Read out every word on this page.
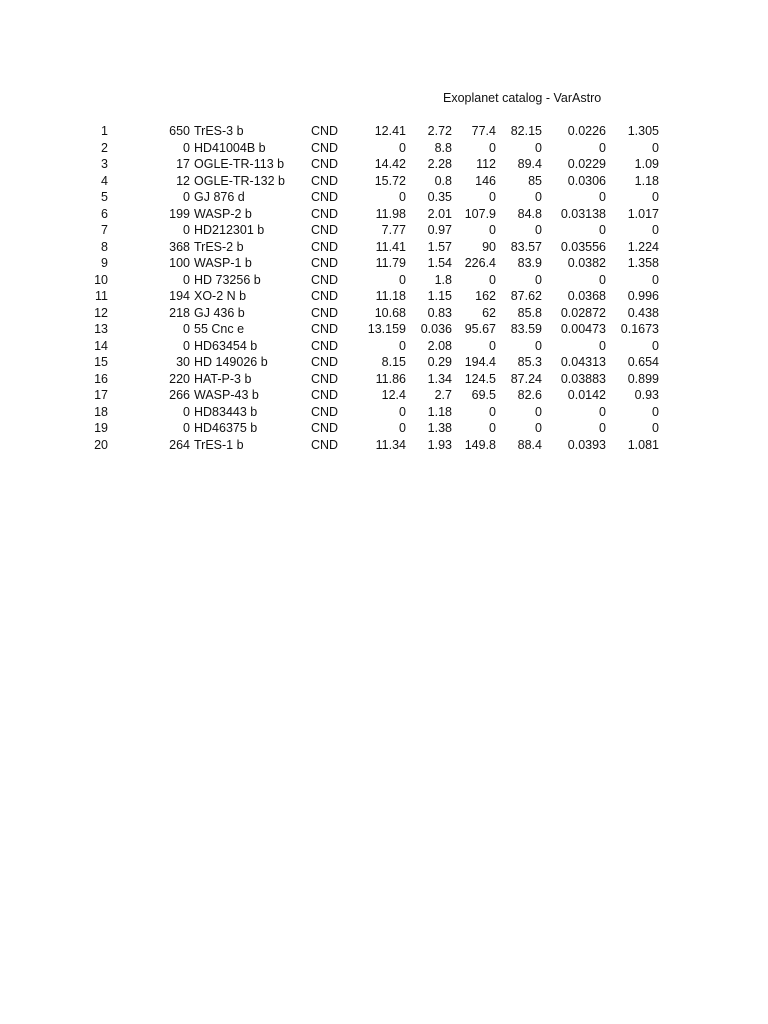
Exoplanet catalog - VarAstro
1	650 TrES-3 b	CND	12.41	2.72	77.4	82.15	0.0226	1.305
2	0 HD41004B b	CND	0	8.8	0	0	0	0
3	17 OGLE-TR-113 b	CND	14.42	2.28	112	89.4	0.0229	1.09
4	12 OGLE-TR-132 b	CND	15.72	0.8	146	85	0.0306	1.18
5	0 GJ 876 d	CND	0	0.35	0	0	0	0
6	199 WASP-2 b	CND	11.98	2.01	107.9	84.8	0.03138	1.017
7	0 HD212301 b	CND	7.77	0.97	0	0	0	0
8	368 TrES-2 b	CND	11.41	1.57	90	83.57	0.03556	1.224
9	100 WASP-1 b	CND	11.79	1.54	226.4	83.9	0.0382	1.358
10	0 HD 73256 b	CND	0	1.8	0	0	0	0
11	194 XO-2 N b	CND	11.18	1.15	162	87.62	0.0368	0.996
12	218 GJ 436 b	CND	10.68	0.83	62	85.8	0.02872	0.438
13	0 55 Cnc e	CND	13.159	0.036	95.67	83.59	0.00473	0.1673
14	0 HD63454 b	CND	0	2.08	0	0	0	0
15	30 HD 149026 b	CND	8.15	0.29	194.4	85.3	0.04313	0.654
16	220 HAT-P-3 b	CND	11.86	1.34	124.5	87.24	0.03883	0.899
17	266 WASP-43 b	CND	12.4	2.7	69.5	82.6	0.0142	0.93
18	0 HD83443 b	CND	0	1.18	0	0	0	0
19	0 HD46375 b	CND	0	1.38	0	0	0	0
20	264 TrES-1 b	CND	11.34	1.93	149.8	88.4	0.0393	1.081
